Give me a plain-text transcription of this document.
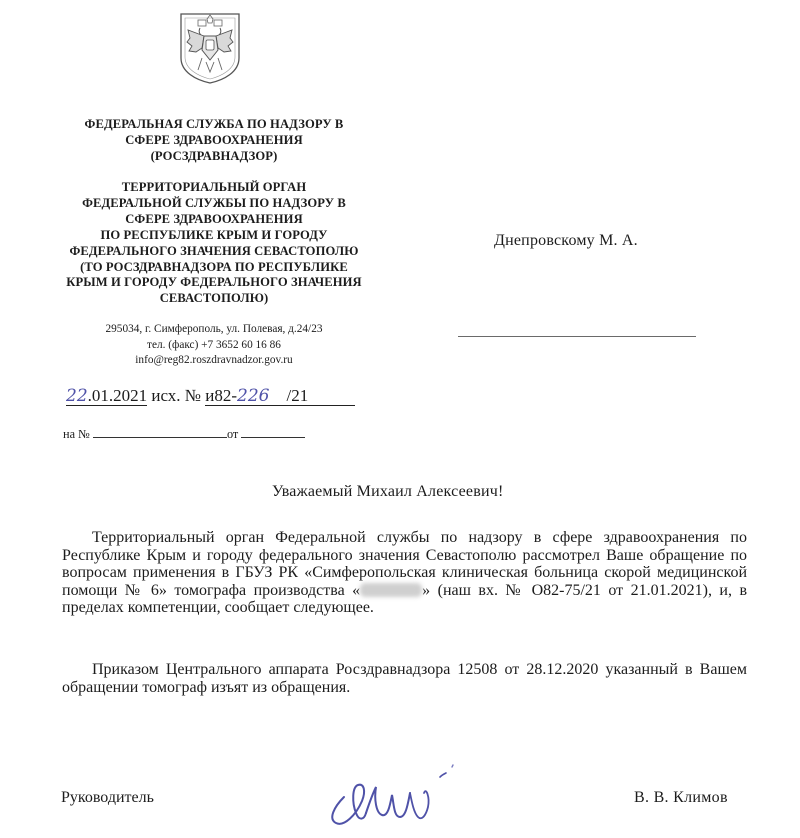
ФЕДЕРАЛЬНАЯ СЛУЖБА ПО НАДЗОРУ В
СФЕРЕ ЗДРАВООХРАНЕНИЯ
(РОСЗДРАВНАДЗОР)
ТЕРРИТОРИАЛЬНЫЙ ОРГАН
ФЕДЕРАЛЬНОЙ СЛУЖБЫ ПО НАДЗОРУ В
СФЕРЕ ЗДРАВООХРАНЕНИЯ
ПО РЕСПУБЛИКЕ КРЫМ И ГОРОДУ
ФЕДЕРАЛЬНОГО ЗНАЧЕНИЯ СЕВАСТОПОЛЮ
(ТО РОСЗДРАВНАДЗОРА ПО РЕСПУБЛИКЕ
КРЫМ И ГОРОДУ ФЕДЕРАЛЬНОГО ЗНАЧЕНИЯ
СЕВАСТОПОЛЮ)
295034, г. Симферополь, ул. Полевая, д.24/23
тел. (факс) +7 3652 60 16 86
info@reg82.roszdravnadzor.gov.ru
22.01.2021 исх. № и82-226 /21
на №	от
Днепровскому М. А.
Уважаемый Михаил Алексеевич!

Территориальный орган Федеральной службы по надзору в сфере здравоохранения по Республике Крым и городу федерального значения Севастополю рассмотрел Ваше обращение по вопросам применения в ГБУЗ РК «Симферопольская клиническая больница скорой медицинской помощи № 6» томографа производства «	» (наш вх. № О82-75/21 от 21.01.2021), и, в пределах компетенции, сообщает следующее.

Приказом Центрального аппарата Росздравнадзора 12508 от 28.12.2020 указанный в Вашем обращении томограф изъят из обращения.

Руководитель	В. В. Климов
